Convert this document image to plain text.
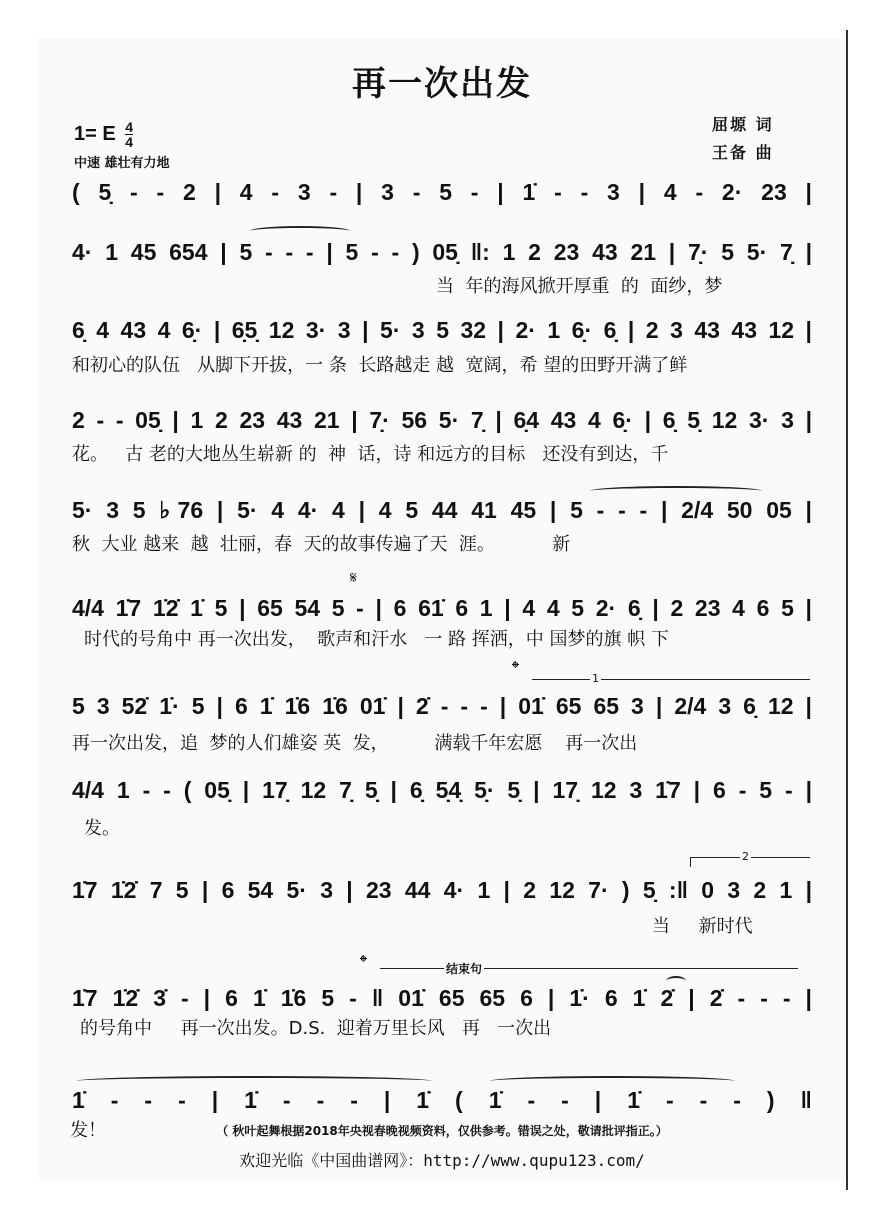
再一次出发
1= E $\frac{4}{4}$
中速 雄壮有力地
屈塬 词
王备 曲
( 5̣ - - 2 | 4 - 3 - | 3 - 5 - | 1̇ - - 3 | 4 - 2· 23 |
4· 1 45 654 | 5 - - - | 5 - - ) 05̣ ‖: 1 2 23 43 21 | 7̣· 5 5· 7̣ |
当  年的海风掀开厚重  的  面纱，梦
6̣ 4 43 4 6̣· | 6̣5̣ 12 3· 3 | 5· 3 5 32 | 2· 1 6̣· 6̣ | 2 3 43 43 12 |
和初心的队伍   从脚下开拔，一 条  长路越走 越  宽阔，希 望的田野开满了鲜
2 - - 05̣ | 1 2 23 43 21 | 7̣· 56 5· 7̣ | 6̣4 43 4 6̣· | 6̣ 5̣ 12 3· 3 |
花。   古 老的大地丛生崭新 的  神  话，诗 和远方的目标   还没有到达，千
5· 3 5 ♭76 | 5· 4 4· 4 | 4 5 44 41 45 | 5 - - - | 2/4 50 05 |
秋  大业 越来  越  壮丽，春  天的故事传遍了天  涯。          新
𝄋
4/4 1̇7 1̇2̇ 1̇ 5 | 65 54 5 - | 6 61̇ 6 1 | 4 4 5 2· 6̣ | 2 23 4 6 5 |
时代的号角中 再一次出发，  歌声和汗水   一 路 挥洒，中 国梦的旗 帜 下
𝄌	1
5 3 52̇ 1̇· 5 | 6 1̇ 1̇6 1̇6 01̇ | 2̇ - - - | 01̇ 65 65 3 | 2/4 3 6̣ 12 |
再一次出发，追  梦的人们雄姿 英  发，        满载千年宏愿    再一次出
4/4 1 - - ( 05̣ | 17̣ 12 7̣ 5̣ | 6̣ 5̣4̣ 5̣· 5̣ | 17̣ 12 3 1̇7 | 6 - 5 - |
发。
2
1̇7 1̇2̇ 7 5 | 6 54 5· 3 | 23 44 4· 1 | 2 12 7· ) 5̣ :‖ 0 3 2 1 |
当     新时代
𝄌	结束句
1̇7 1̇2̇ 3̇ - | 6 1̇ 1̇6 5 - ‖ 01̇ 65 65 6 | 1̇· 6 1̇ 2̇ | 2̇ - - - |
的号角中     再一次出发。D.S.  迎着万里长风   再   一次出
1̇ - - - | 1̇ - - - | 1̇ ( 1̇ - - | 1̇ - - - ) ‖
发！	（ 秋叶起舞根据2018年央视春晚视频资料，仅供参考。错误之处，敬请批评指正。）
欢迎光临《中国曲谱网》：http://www.qupu123.com/
